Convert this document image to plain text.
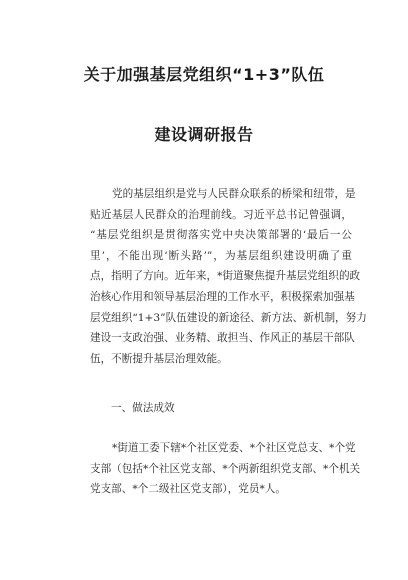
关于加强基层党组织“1+3”队伍
建设调研报告
党的基层组织是党与人民群众联系的桥梁和纽带，是
贴近基层人民群众的治理前线。习近平总书记曾强调，
“基层党组织是贯彻落实党中央决策部署的‘最后一公
里’，不能出现‘断头路’”，为基层组织建设明确了重
点，指明了方向。近年来，*街道聚焦提升基层党组织的政
治核心作用和领导基层治理的工作水平，积极探索加强基
层党组织“1+3”队伍建设的新途径、新方法、新机制，努力
建设一支政治强、业务精、敢担当、作风正的基层干部队
伍，不断提升基层治理效能。
一、做法成效
*街道工委下辖*个社区党委、*个社区党总支、*个党
支部（包括*个社区党支部、*个两新组织党支部、*个机关
党支部、*个二级社区党支部），党员*人。
